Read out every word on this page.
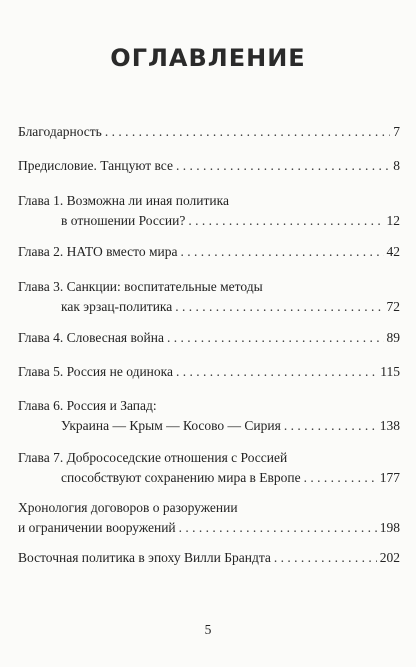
ОГЛАВЛЕНИЕ
Благодарность . . .	7
Предисловие. Танцуют все . . .	8
Глава 1. Возможна ли иная политика
в отношении России? . . .	12
Глава 2. НАТО вместо мира . . .	42
Глава 3. Санкции: воспитательные методы
как эрзац-политика . . .	72
Глава 4. Словесная война . . .	89
Глава 5. Россия не одинока . . .	115
Глава 6. Россия и Запад:
Украина — Крым — Косово — Сирия . . .	138
Глава 7. Добрососедские отношения с Россией
способствуют сохранению мира в Европе . . .	177
Хронология договоров о разоружении
и ограничении вооружений . . .	198
Восточная политика в эпоху Вилли Брандта . . .	202
5
